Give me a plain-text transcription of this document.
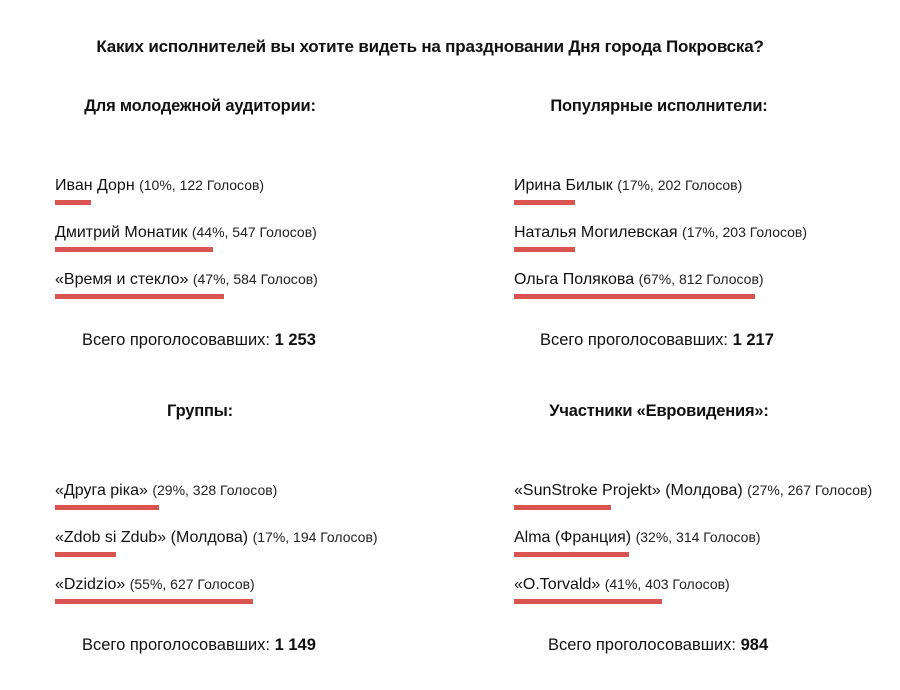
Каких исполнителей вы хотите видеть на праздновании Дня города Покровска?
Для молодежной аудитории:
Иван Дорн (10%, 122 Голосов)
Дмитрий Монатик (44%, 547 Голосов)
«Время и стекло» (47%, 584 Голосов)
Всего проголосовавших: 1 253
Популярные исполнители:
Ирина Билык (17%, 202 Голосов)
Наталья Могилевская (17%, 203 Голосов)
Ольга Полякова (67%, 812 Голосов)
Всего проголосовавших: 1 217
Группы:
«Друга ріка» (29%, 328 Голосов)
«Zdob si Zdub» (Молдова) (17%, 194 Голосов)
«Dzidzio» (55%, 627 Голосов)
Всего проголосовавших: 1 149
Участники «Евровидения»:
«SunStroke Projekt» (Молдова) (27%, 267 Голосов)
Alma (Франция) (32%, 314 Голосов)
«O.Torvald» (41%, 403 Голосов)
Всего проголосовавших: 984
